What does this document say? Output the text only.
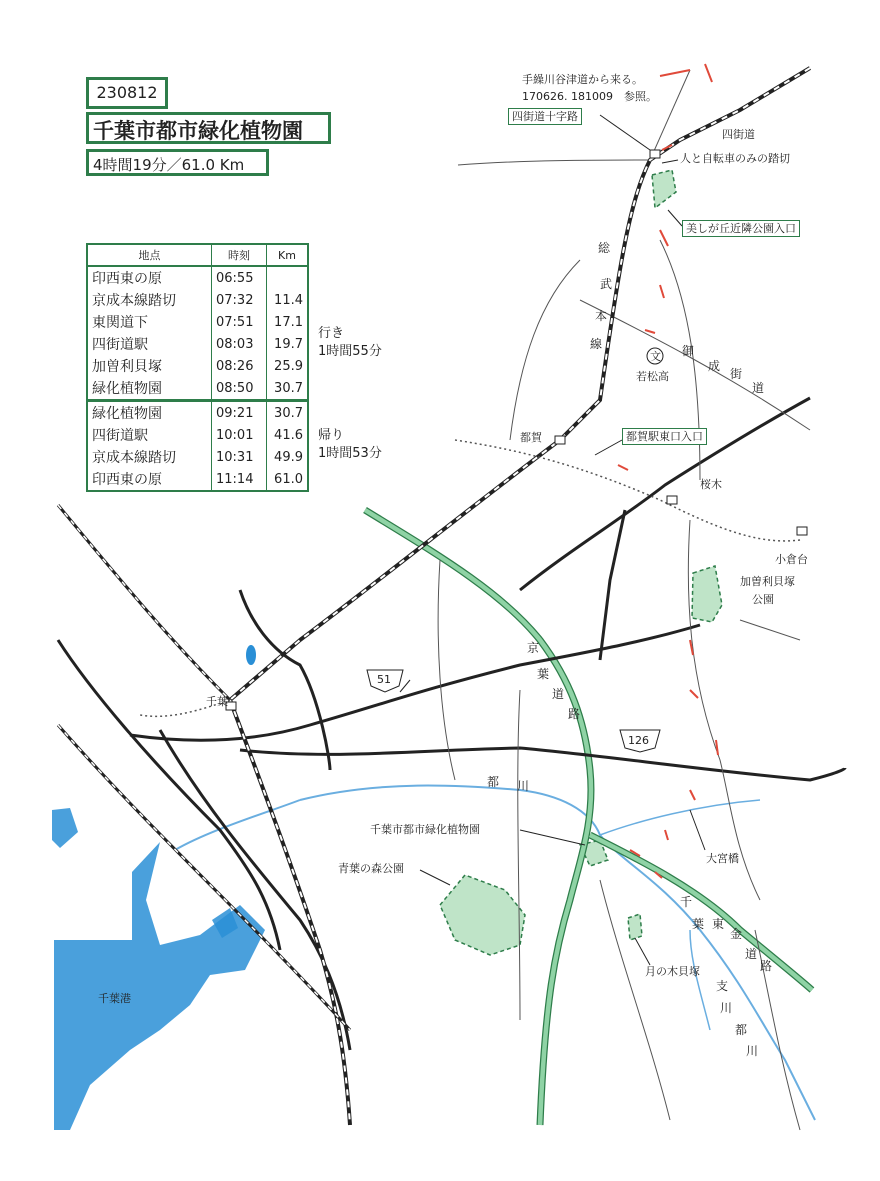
文
51
126
手繰川谷津道から来る。
170626. 181009　参照。
四街道
人と自転車のみの踏切
総
武
本
線	御
成
街
道
若松高
都賀
桜木
小倉台
加曽利貝塚
公園
京
葉
道
路
千葉
都 川
千葉市都市緑化植物園
青葉の森公園
大宮橋
千
葉 東
金
道
路
月の木貝塚
支
川
都
川
千葉港
四街道十字路
美しが丘近隣公園入口
都賀駅東口入口
230812
千葉市都市緑化植物園
4時間19分／61.0 Km
地点	時刻	Km
印西東の原	06:55	
京成本線踏切	07:32	11.4
東関道下	07:51	17.1
四街道駅	08:03	19.7
加曽利貝塚	08:26	25.9
緑化植物園	08:50	30.7
緑化植物園	09:21	30.7
四街道駅	10:01	41.6
京成本線踏切	10:31	49.9
印西東の原	11:14	61.0
行き
1時間55分
帰り
1時間53分
